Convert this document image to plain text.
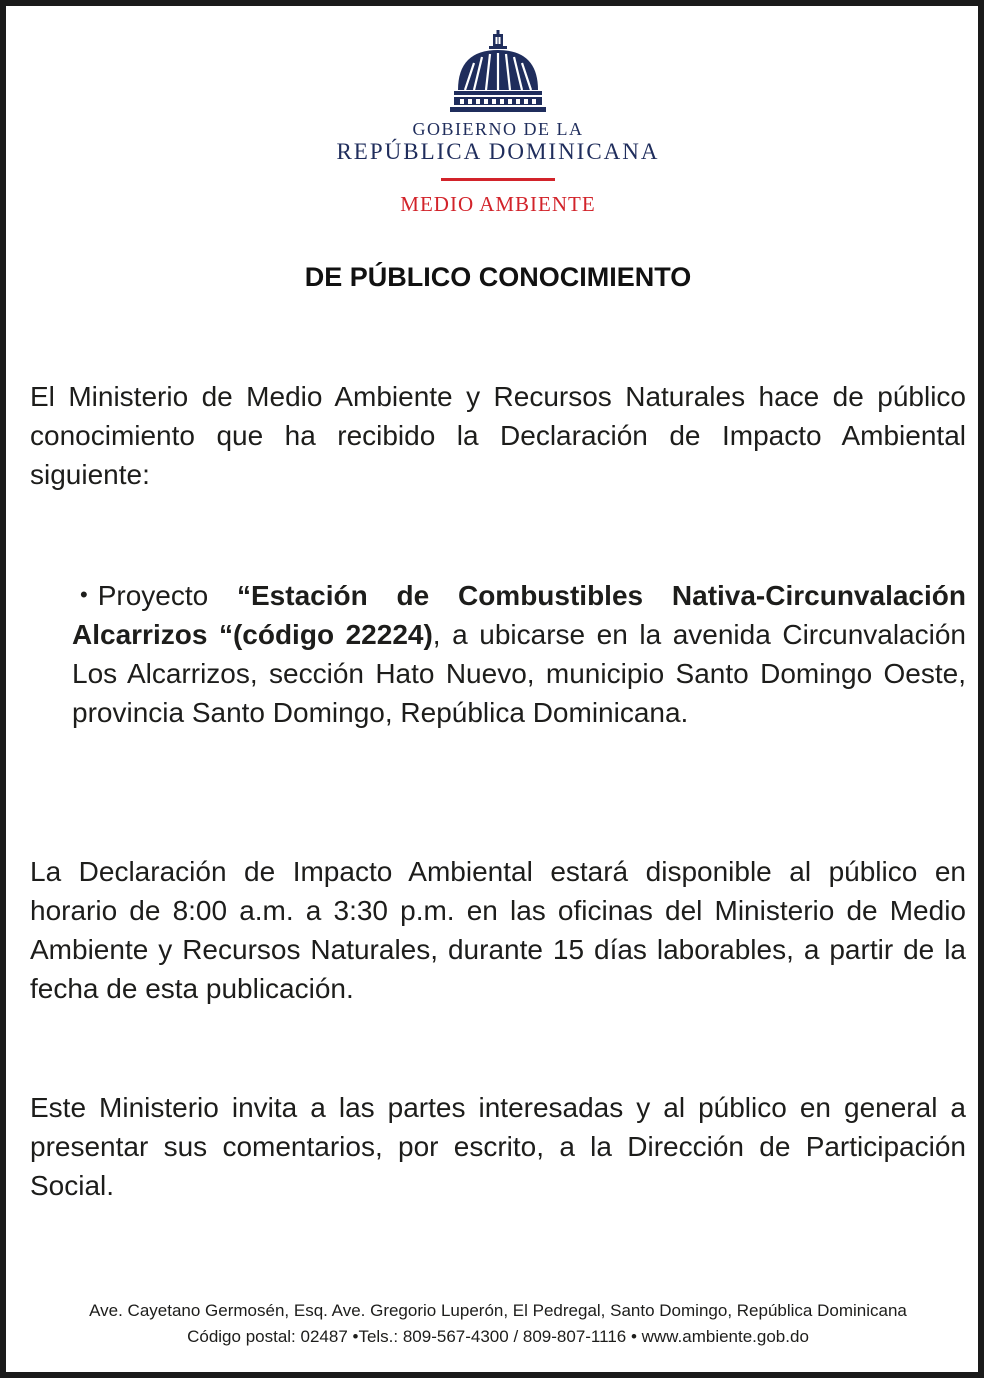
GOBIERNO DE LA
REPÚBLICA DOMINICANA
MEDIO AMBIENTE
DE PÚBLICO CONOCIMIENTO

El Ministerio de Medio Ambiente y Recursos Naturales hace de público conocimiento que ha recibido la Declaración de Impacto Ambiental siguiente:

• Proyecto “Estación de Combustibles Nativa-Circunvalación Alcarrizos “(código 22224), a ubicarse en la avenida Circunvalación Los Alcarrizos, sección Hato Nuevo, municipio Santo Domingo Oeste, provincia Santo Domingo, República Dominicana.

La Declaración de Impacto Ambiental estará disponible al público en horario de 8:00 a.m. a 3:30 p.m. en las oficinas del Ministerio de Medio Ambiente y Recursos Naturales, durante 15 días laborables, a partir de la fecha de esta publicación.

Este Ministerio invita a las partes interesadas y al público en general a presentar sus comentarios, por escrito, a la Dirección de Participación Social.

Ave. Cayetano Germosén, Esq. Ave. Gregorio Luperón, El Pedregal, Santo Domingo, República Dominicana
Código postal: 02487 •Tels.: 809-567-4300 / 809-807-1116 • www.ambiente.gob.do
